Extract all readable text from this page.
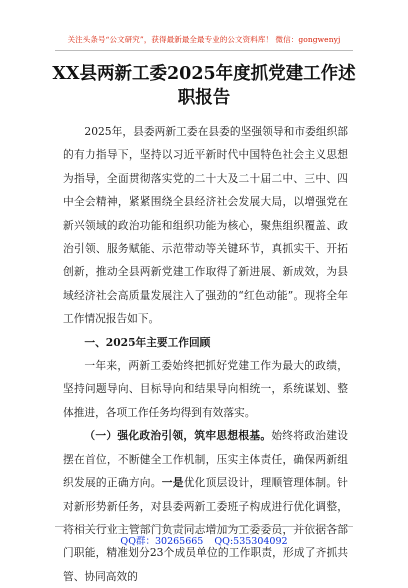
关注头条号“公文研究”，获得最新最全最专业的公文资料库！ 微信：gongwenyj
XX县两新工委2025年度抓党建工作述职报告

2025年，县委两新工委在县委的坚强领导和市委组织部的有力指导下，坚持以习近平新时代中国特色社会主义思想为指导，全面贯彻落实党的二十大及二十届二中、三中、四中全会精神，紧紧围绕全县经济社会发展大局，以增强党在新兴领域的政治功能和组织功能为核心，聚焦组织覆盖、政治引领、服务赋能、示范带动等关键环节，真抓实干、开拓创新，推动全县两新党建工作取得了新进展、新成效，为县域经济社会高质量发展注入了强劲的“红色动能”。现将全年工作情况报告如下。

一、2025年主要工作回顾

一年来，两新工委始终把抓好党建工作为最大的政绩，坚持问题导向、目标导向和结果导向相统一，系统谋划、整体推进，各项工作任务均得到有效落实。

（一）强化政治引领，筑牢思想根基。始终将政治建设摆在首位，不断健全工作机制，压实主体责任，确保两新组织发展的正确方向。一是优化顶层设计，理顺管理体制。针对新形势新任务，对县委两新工委班子构成进行优化调整，将相关行业主管部门负责同志增加为工委委员，并依据各部门职能，精准划分23个成员单位的工作职责，形成了齐抓共管、协同高效的

QQ群：30265665 QQ:535304092
